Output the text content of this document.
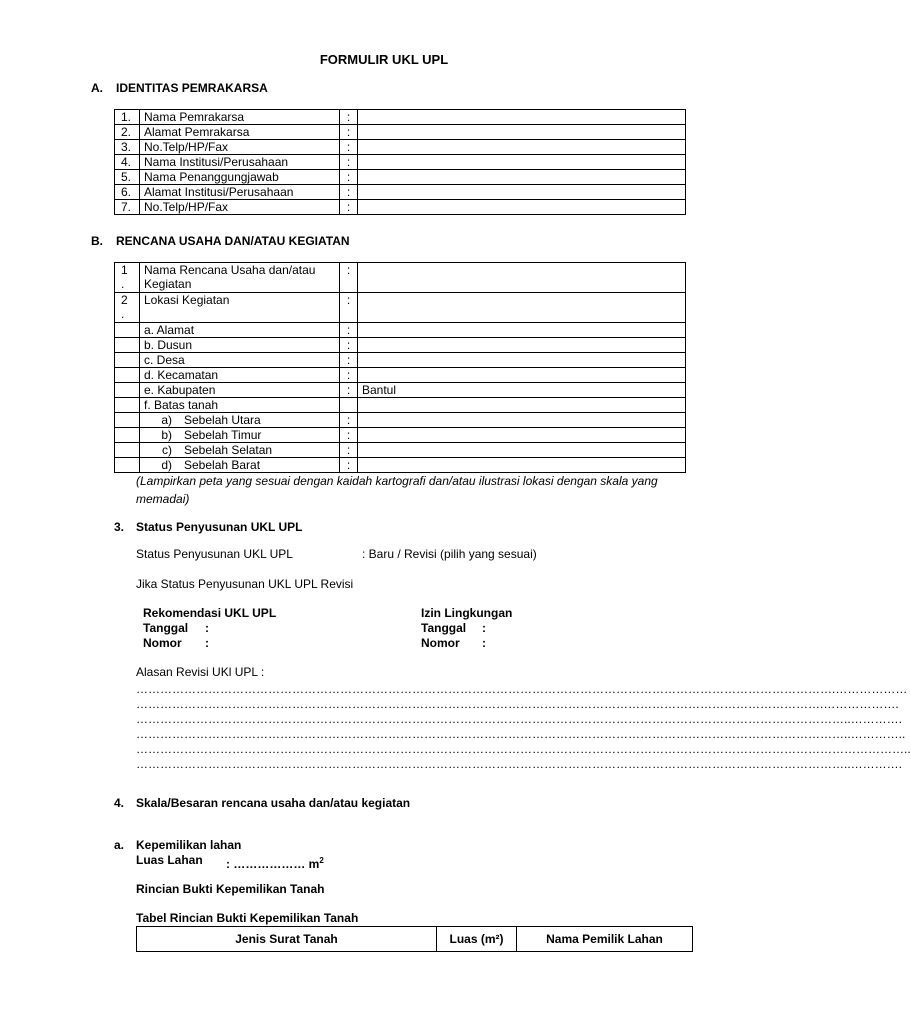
FORMULIR UKL UPL
A. IDENTITAS PEMRAKARSA
1.	Nama Pemrakarsa	:	
2.	Alamat Pemrakarsa	:	
3.	No.Telp/HP/Fax	:	
4.	Nama Institusi/Perusahaan	:	
5.	Nama Penanggungjawab	:	
6.	Alamat Institusi/Perusahaan	:	
7.	No.Telp/HP/Fax	:	
B. RENCANA USAHA DAN/ATAU KEGIATAN
1
.	Nama Rencana Usaha dan/atau Kegiatan	:	
2
.	Lokasi Kegiatan	:	
	a. Alamat	:	
	b. Dusun	:	
	c. Desa	:	
	d. Kecamatan	:	
	e. Kabupaten	:	Bantul
	f. Batas tanah		
	a) Sebelah Utara	:	
	b) Sebelah Timur	:	
	c) Sebelah Selatan	:	
	d) Sebelah Barat	:	
(Lampirkan peta yang sesuai dengan kaidah kartografi dan/atau ilustrasi lokasi dengan skala yang
memadai)
3. Status Penyusunan UKL UPL
Status Penyusunan UKL UPL	: Baru / Revisi (pilih yang sesuai)
Jika Status Penyusunan UKL UPL Revisi
Rekomendasi UKL UPL
Tanggal :
Nomor :
Izin Lingkungan
Tanggal :
Nomor :
Alasan Revisi UKl UPL :
………………………………………………………………………………………………………………………………………………………….………………
……………………………………………………………………………………………………………………………………………………….……………….
……………………………………………………………………………………………………………………………………………………………..………….
……………………………………………………………………………………………………………………………………………………………..…………..
…………………………………………………………………………………………………………………………………………………………………………..
……………………………………………………………………………………………………………………………………………………………..………….
4. Skala/Besaran rencana usaha dan/atau kegiatan
a. Kepemilikan lahan
Luas Lahan : ……………… $m^2$
Rincian Bukti Kepemilikan Tanah
Tabel Rincian Bukti Kepemilikan Tanah
Jenis Surat Tanah	Luas (m²)	Nama Pemilik Lahan
